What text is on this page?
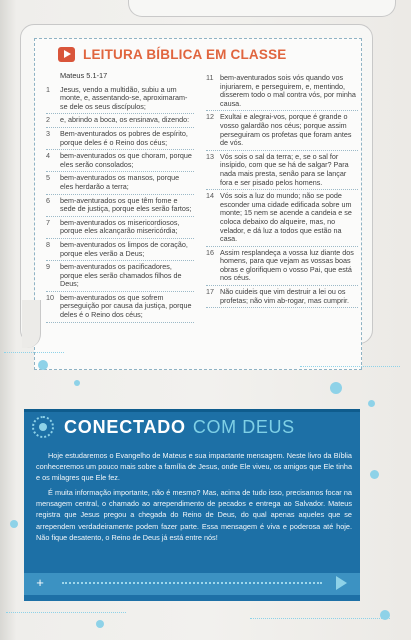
LEITURA BÍBLICA EM CLASSE
Mateus 5.1-17
1 Jesus, vendo a multidão, subiu a um monte, e, assentando-se, aproximaram-se dele os seus discípulos;
2 e, abrindo a boca, os ensinava, dizendo:
3 Bem-aventurados os pobres de espírito, porque deles é o Reino dos céus;
4 bem-aventurados os que choram, porque eles serão consolados;
5 bem-aventurados os mansos, porque eles herdarão a terra;
6 bem-aventurados os que têm fome e sede de justiça, porque eles serão fartos;
7 bem-aventurados os misericordiosos, porque eles alcançarão misericórdia;
8 bem-aventurados os limpos de coração, porque eles verão a Deus;
9 bem-aventurados os pacificadores, porque eles serão chamados filhos de Deus;
10 bem-aventurados os que sofrem perseguição por causa da justiça, porque deles é o Reino dos céus;
11 bem-aventurados sois vós quando vos injuriarem, e perseguirem, e, mentindo, disserem todo o mal contra vós, por minha causa.
12 Exultai e alegrai-vos, porque é grande o vosso galardão nos céus; porque assim perseguiram os profetas que foram antes de vós.
13 Vós sois o sal da terra; e, se o sal for insípido, com que se há de salgar? Para nada mais presta, senão para se lançar fora e ser pisado pelos homens.
14 Vós sois a luz do mundo; não se pode esconder uma cidade edificada sobre um monte; 15 nem se acende a candeia e se coloca debaixo do alqueire, mas, no velador, e dá luz a todos que estão na casa.
16 Assim resplandeça a vossa luz diante dos homens, para que vejam as vossas boas obras e glorifiquem o vosso Pai, que está nos céus.
17 Não cuideis que vim destruir a lei ou os profetas; não vim ab-rogar, mas cumprir.
CONECTADO COM DEUS

Hoje estudaremos o Evangelho de Mateus e sua impactante mensagem. Neste livro da Bíblia conheceremos um pouco mais sobre a família de Jesus, onde Ele viveu, os amigos que Ele tinha e os milagres que Ele fez.

É muita informação importante, não é mesmo? Mas, acima de tudo isso, precisamos focar na mensagem central, o chamado ao arrependimento de pecados e entrega ao Salvador. Mateus registra que Jesus pregou a chegada do Reino de Deus, do qual apenas aqueles que se arrependem verdadeiramente podem fazer parte. Essa mensagem é viva e poderosa até hoje. Não fique desatento, o Reino de Deus já está entre nós!

+
